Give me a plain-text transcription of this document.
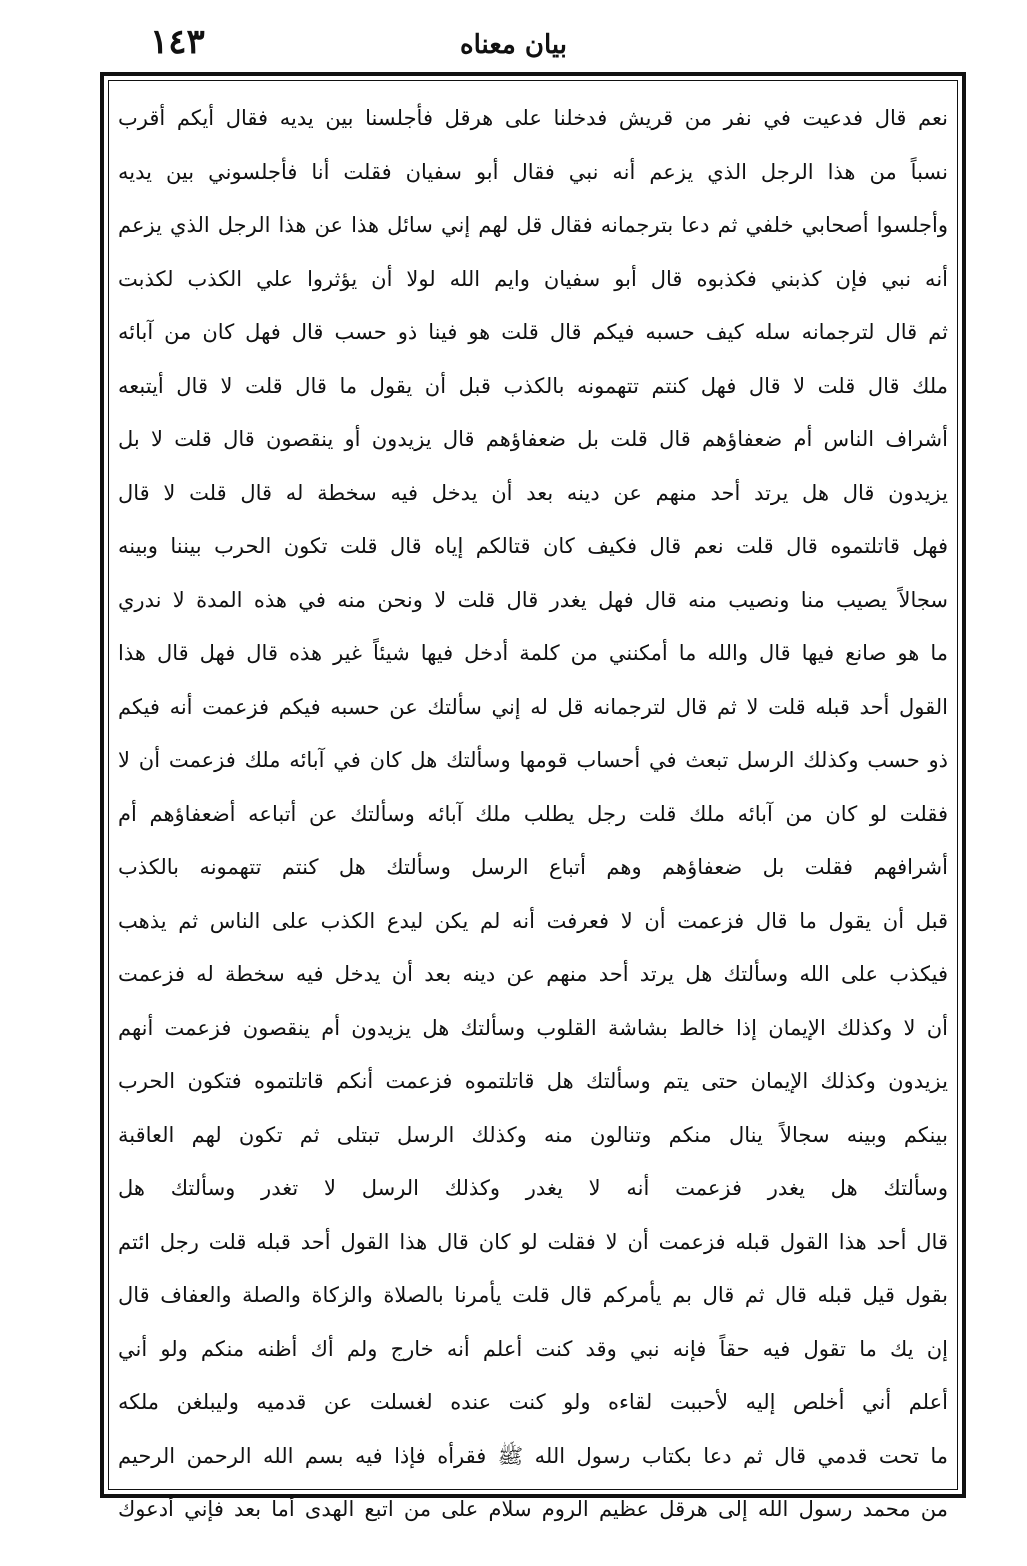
١٤٣	بيان معناه
نعم قال فدعيت في نفر من قريش فدخلنا على هرقل فأجلسنا بين يديه فقال أيكم أقرب
نسباً من هذا الرجل الذي يزعم أنه نبي فقال أبو سفيان فقلت أنا فأجلسوني بين يديه
وأجلسوا أصحابي خلفي ثم دعا بترجمانه فقال قل لهم إني سائل هذا عن هذا الرجل الذي يزعم
أنه نبي فإن كذبني فكذبوه قال أبو سفيان وايم الله لولا أن يؤثروا علي الكذب لكذبت
ثم قال لترجمانه سله كيف حسبه فيكم قال قلت هو فينا ذو حسب قال فهل كان من آبائه
ملك قال قلت لا قال فهل كنتم تتهمونه بالكذب قبل أن يقول ما قال قلت لا قال أيتبعه
أشراف الناس أم ضعفاؤهم قال قلت بل ضعفاؤهم قال يزيدون أو ينقصون قال قلت لا بل
يزيدون قال هل يرتد أحد منهم عن دينه بعد أن يدخل فيه سخطة له قال قلت لا قال
فهل قاتلتموه قال قلت نعم قال فكيف كان قتالكم إياه قال قلت تكون الحرب بيننا وبينه
سجالاً يصيب منا ونصيب منه قال فهل يغدر قال قلت لا ونحن منه في هذه المدة لا ندري
ما هو صانع فيها قال والله ما أمكنني من كلمة أدخل فيها شيئاً غير هذه قال فهل قال هذا
القول أحد قبله قلت لا ثم قال لترجمانه قل له إني سألتك عن حسبه فيكم فزعمت أنه فيكم
ذو حسب وكذلك الرسل تبعث في أحساب قومها وسألتك هل كان في آبائه ملك فزعمت أن لا
فقلت لو كان من آبائه ملك قلت رجل يطلب ملك آبائه وسألتك عن أتباعه أضعفاؤهم أم
أشرافهم فقلت بل ضعفاؤهم وهم أتباع الرسل وسألتك هل كنتم تتهمونه بالكذب
قبل أن يقول ما قال فزعمت أن لا فعرفت أنه لم يكن ليدع الكذب على الناس ثم يذهب
فيكذب على الله وسألتك هل يرتد أحد منهم عن دينه بعد أن يدخل فيه سخطة له فزعمت
أن لا وكذلك الإيمان إذا خالط بشاشة القلوب وسألتك هل يزيدون أم ينقصون فزعمت أنهم
يزيدون وكذلك الإيمان حتى يتم وسألتك هل قاتلتموه فزعمت أنكم قاتلتموه فتكون الحرب
بينكم وبينه سجالاً ينال منكم وتنالون منه وكذلك الرسل تبتلى ثم تكون لهم العاقبة
وسألتك هل يغدر فزعمت أنه لا يغدر وكذلك الرسل لا تغدر وسألتك هل
قال أحد هذا القول قبله فزعمت أن لا فقلت لو كان قال هذا القول أحد قبله قلت رجل ائتم
بقول قيل قبله قال ثم قال بم يأمركم قال قلت يأمرنا بالصلاة والزكاة والصلة والعفاف قال
إن يك ما تقول فيه حقاً فإنه نبي وقد كنت أعلم أنه خارج ولم أك أظنه منكم ولو أني
أعلم أني أخلص إليه لأحببت لقاءه ولو كنت عنده لغسلت عن قدميه وليبلغن ملكه
ما تحت قدمي قال ثم دعا بكتاب رسول الله ﷺ فقرأه فإذا فيه بسم الله الرحمن الرحيم
من محمد رسول الله إلى هرقل عظيم الروم سلام على من اتبع الهدى أما بعد فإني أدعوك
